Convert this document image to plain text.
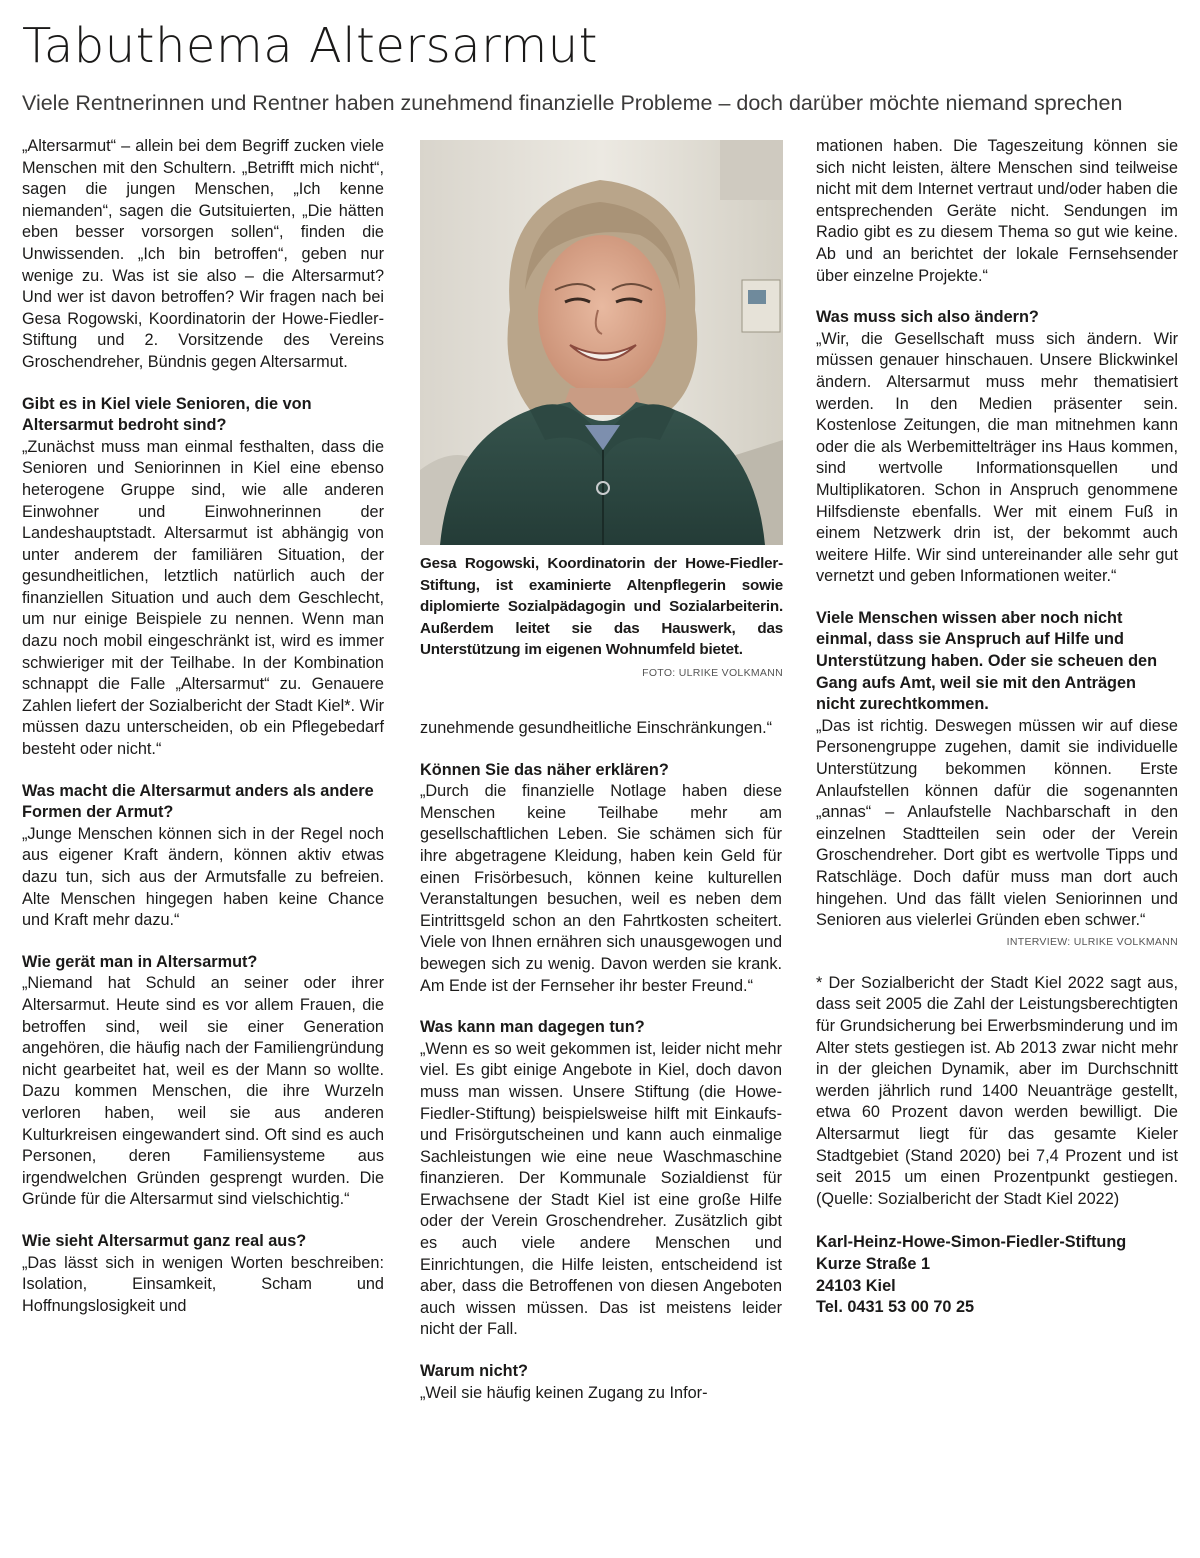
Tabuthema Altersarmut

Viele Rentnerinnen und Rentner haben zunehmend finanzielle Probleme – doch darüber möchte niemand sprechen

„Altersarmut“ – allein bei dem Begriff zucken viele Menschen mit den Schultern. „Betrifft mich nicht“, sagen die jungen Menschen, „Ich kenne niemanden“, sagen die Gutsituierten, „Die hätten eben besser vorsorgen sollen“, finden die Unwissenden. „Ich bin betroffen“, geben nur wenige zu. Was ist sie also – die Altersarmut? Und wer ist davon betroffen? Wir fragen nach bei Gesa Rogowski, Koordinatorin der Howe-Fiedler-Stiftung und 2. Vorsitzende des Vereins Groschendreher, Bündnis gegen Altersarmut.

Gibt es in Kiel viele Senioren, die von Altersarmut bedroht sind?

„Zunächst muss man einmal festhalten, dass die Senioren und Seniorinnen in Kiel eine ebenso heterogene Gruppe sind, wie alle anderen Einwohner und Einwohnerinnen der Landeshauptstadt. Altersarmut ist abhängig von unter anderem der familiären Situation, der gesundheitlichen, letztlich natürlich auch der finanziellen Situation und auch dem Geschlecht, um nur einige Beispiele zu nennen. Wenn man dazu noch mobil eingeschränkt ist, wird es immer schwieriger mit der Teilhabe. In der Kombination schnappt die Falle „Altersarmut“ zu. Genauere Zahlen liefert der Sozialbericht der Stadt Kiel*. Wir müssen dazu unterscheiden, ob ein Pflegebedarf besteht oder nicht.“

Was macht die Altersarmut anders als andere Formen der Armut?

„Junge Menschen können sich in der Regel noch aus eigener Kraft ändern, können aktiv etwas dazu tun, sich aus der Armutsfalle zu befreien. Alte Menschen hingegen haben keine Chance und Kraft mehr dazu.“

Wie gerät man in Altersarmut?

„Niemand hat Schuld an seiner oder ihrer Altersarmut. Heute sind es vor allem Frauen, die betroffen sind, weil sie einer Generation angehören, die häufig nach der Familiengründung nicht gearbeitet hat, weil es der Mann so wollte. Dazu kommen Menschen, die ihre Wurzeln verloren haben, weil sie aus anderen Kulturkreisen eingewandert sind. Oft sind es auch Personen, deren Familiensysteme aus irgendwelchen Gründen gesprengt wurden. Die Gründe für die Altersarmut sind vielschichtig.“

Wie sieht Altersarmut ganz real aus?

„Das lässt sich in wenigen Worten beschreiben: Isolation, Einsamkeit, Scham und Hoffnungslosigkeit und

Gesa Rogowski, Koordinatorin der Howe-Fiedler-Stiftung, ist examinierte Altenpflegerin sowie diplomierte Sozialpädagogin und Sozialarbeiterin. Außerdem leitet sie das Hauswerk, das Unterstützung im eigenen Wohnumfeld bietet.
FOTO: ULRIKE VOLKMANN

zunehmende gesundheitliche Einschränkungen.“

Können Sie das näher erklären?

„Durch die finanzielle Notlage haben diese Menschen keine Teilhabe mehr am gesellschaftlichen Leben. Sie schämen sich für ihre abgetragene Kleidung, haben kein Geld für einen Frisörbesuch, können keine kulturellen Veranstaltungen besuchen, weil es neben dem Eintrittsgeld schon an den Fahrtkosten scheitert. Viele von Ihnen ernähren sich unausgewogen und bewegen sich zu wenig. Davon werden sie krank. Am Ende ist der Fernseher ihr bester Freund.“

Was kann man dagegen tun?

„Wenn es so weit gekommen ist, leider nicht mehr viel. Es gibt einige Angebote in Kiel, doch davon muss man wissen. Unsere Stiftung (die Howe-Fiedler-Stiftung) beispielsweise hilft mit Einkaufs- und Frisörgutscheinen und kann auch einmalige Sachleistungen wie eine neue Waschmaschine finanzieren. Der Kommunale Sozialdienst für Erwachsene der Stadt Kiel ist eine große Hilfe oder der Verein Groschendreher. Zusätzlich gibt es auch viele andere Menschen und Einrichtungen, die Hilfe leisten, entscheidend ist aber, dass die Betroffenen von diesen Angeboten auch wissen müssen. Das ist meistens leider nicht der Fall.

Warum nicht?

„Weil sie häufig keinen Zugang zu Infor-

mationen haben. Die Tageszeitung können sie sich nicht leisten, ältere Menschen sind teilweise nicht mit dem Internet vertraut und/oder haben die entsprechenden Geräte nicht. Sendungen im Radio gibt es zu diesem Thema so gut wie keine. Ab und an berichtet der lokale Fernsehsender über einzelne Projekte.“

Was muss sich also ändern?

„Wir, die Gesellschaft muss sich ändern. Wir müssen genauer hinschauen. Unsere Blickwinkel ändern. Altersarmut muss mehr thematisiert werden. In den Medien präsenter sein. Kostenlose Zeitungen, die man mitnehmen kann oder die als Werbemittelträger ins Haus kommen, sind wertvolle Informationsquellen und Multiplikatoren. Schon in Anspruch genommene Hilfsdienste ebenfalls. Wer mit einem Fuß in einem Netzwerk drin ist, der bekommt auch weitere Hilfe. Wir sind untereinander alle sehr gut vernetzt und geben Informationen weiter.“

Viele Menschen wissen aber noch nicht einmal, dass sie Anspruch auf Hilfe und Unterstützung haben. Oder sie scheuen den Gang aufs Amt, weil sie mit den Anträgen nicht zurechtkommen.

„Das ist richtig. Deswegen müssen wir auf diese Personengruppe zugehen, damit sie individuelle Unterstützung bekommen können. Erste Anlaufstellen können dafür die sogenannten „annas“ – Anlaufstelle Nachbarschaft in den einzelnen Stadtteilen sein oder der Verein Groschendreher. Dort gibt es wertvolle Tipps und Ratschläge. Doch dafür muss man dort auch hingehen. Und das fällt vielen Seniorinnen und Senioren aus vielerlei Gründen eben schwer.“

INTERVIEW: ULRIKE VOLKMANN

* Der Sozialbericht der Stadt Kiel 2022 sagt aus, dass seit 2005 die Zahl der Leistungsberechtigten für Grundsicherung bei Erwerbsminderung und im Alter stets gestiegen ist. Ab 2013 zwar nicht mehr in der gleichen Dynamik, aber im Durchschnitt werden jährlich rund 1400 Neuanträge gestellt, etwa 60 Prozent davon werden bewilligt. Die Altersarmut liegt für das gesamte Kieler Stadtgebiet (Stand 2020) bei 7,4 Prozent und ist seit 2015 um einen Prozentpunkt gestiegen. (Quelle: Sozialbericht der Stadt Kiel 2022)

Karl-Heinz-Howe-Simon-Fiedler-Stiftung
Kurze Straße 1
24103 Kiel
Tel. 0431 53 00 70 25
